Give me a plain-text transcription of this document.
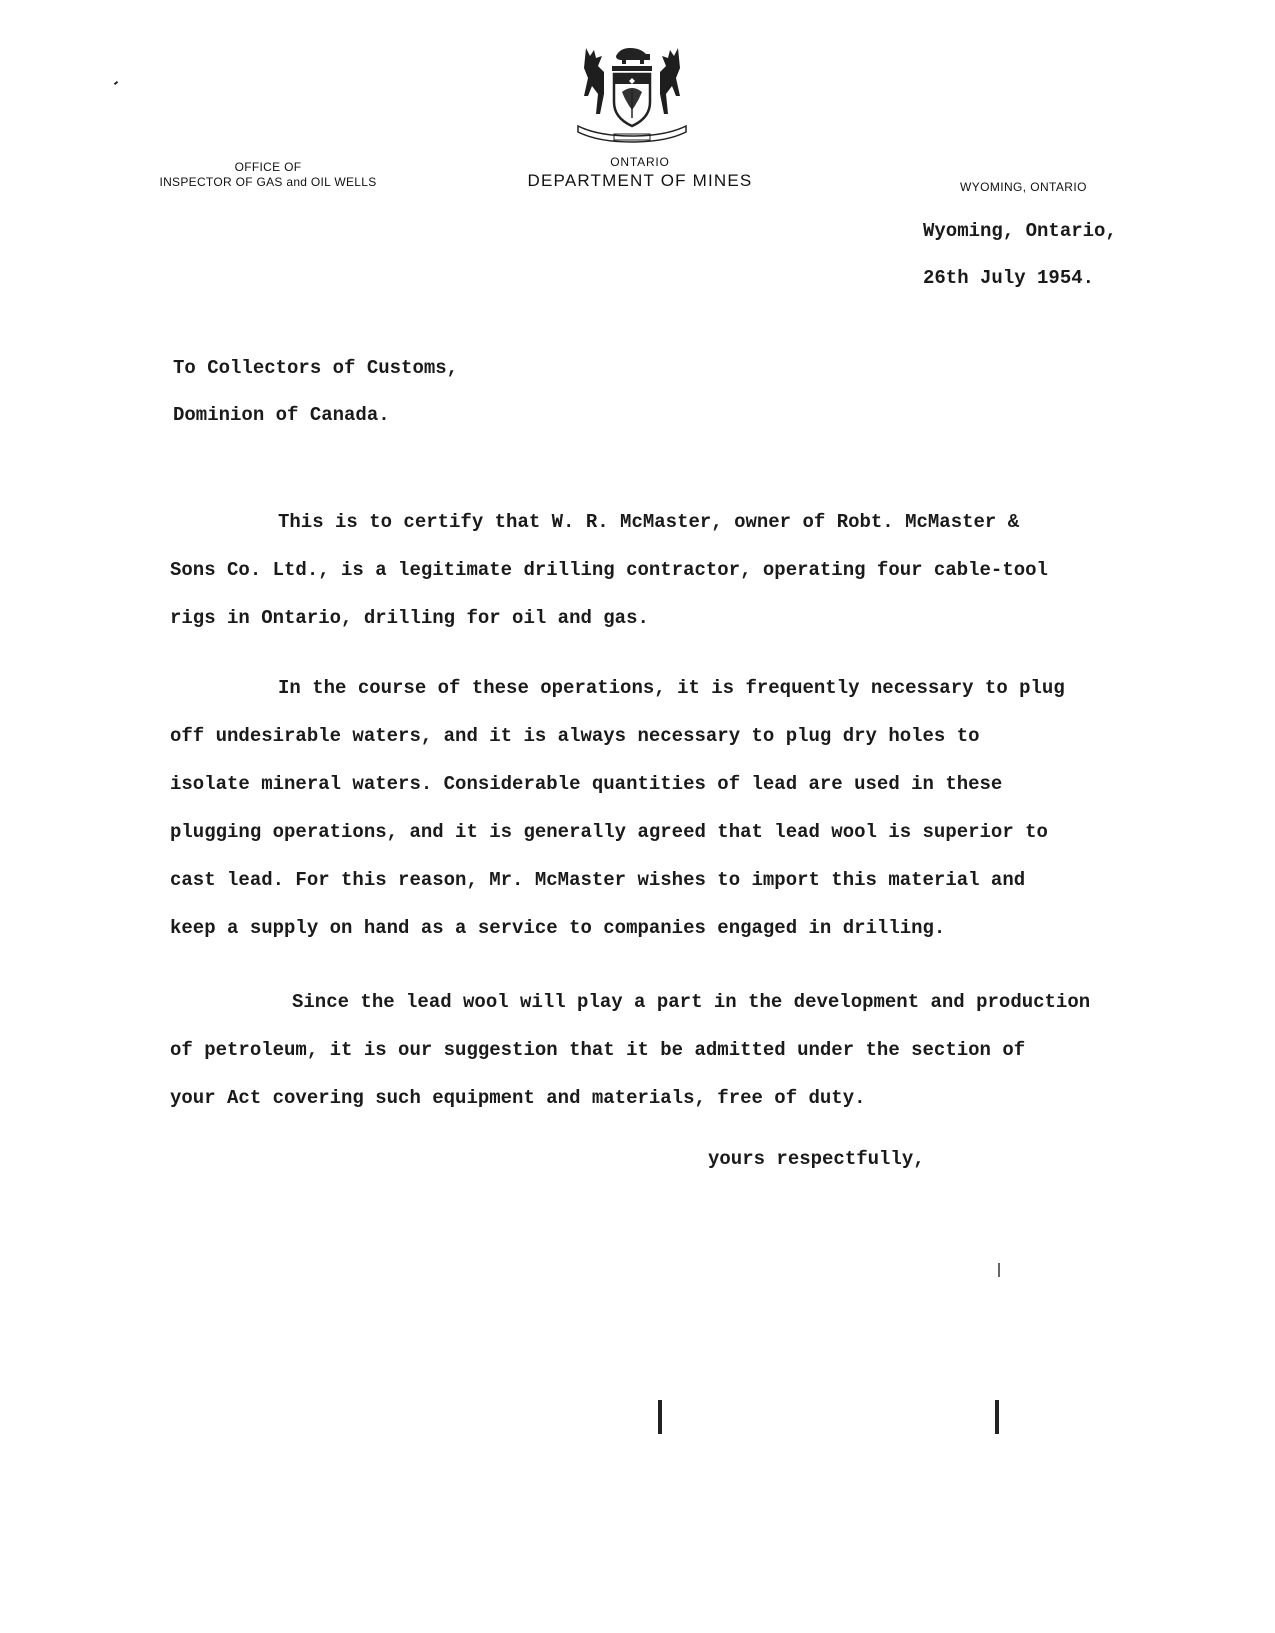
OFFICE OF
INSPECTOR OF GAS and OIL WELLS
ONTARIO
DEPARTMENT OF MINES	WYOMING, ONTARIO
Wyoming, Ontario,
26th July 1954.
To Collectors of Customs,
Dominion of Canada.
This is to certify that W. R. McMaster, owner of Robt. McMaster &
Sons Co. Ltd., is a legitimate drilling contractor, operating four cable-tool
rigs in Ontario, drilling for oil and gas.
In the course of these operations, it is frequently necessary to plug
off undesirable waters, and it is always necessary to plug dry holes to
isolate mineral waters. Considerable quantities of lead are used in these
plugging operations, and it is generally agreed that lead wool is superior to
cast lead. For this reason, Mr. McMaster wishes to import this material and
keep a supply on hand as a service to companies engaged in drilling.
Since the lead wool will play a part in the development and production
of petroleum, it is our suggestion that it be admitted under the section of
your Act covering such equipment and materials, free of duty.
yours respectfully,
